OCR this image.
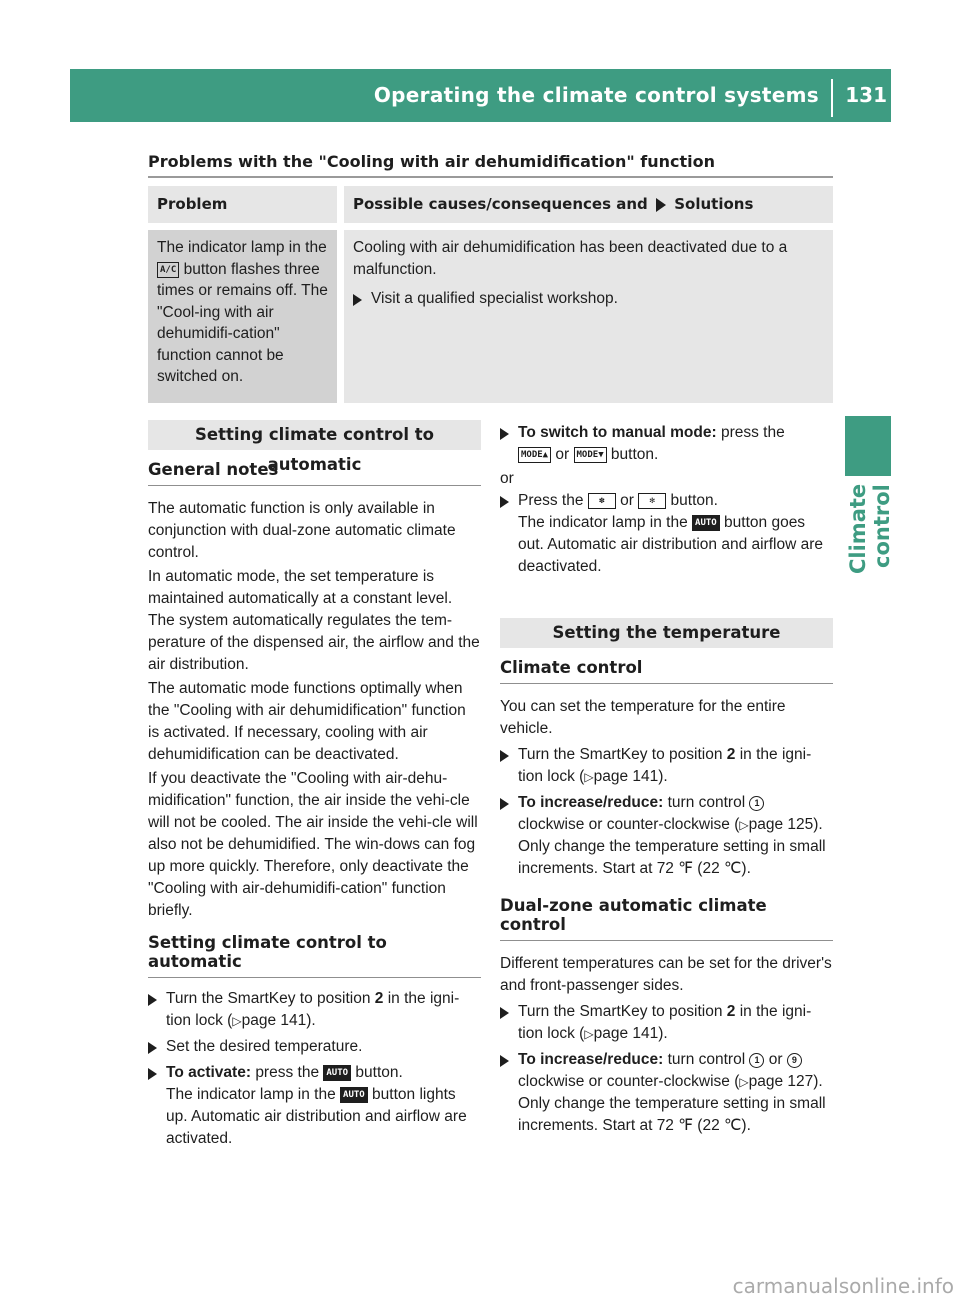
Operating the climate control systems 131
Climate control
Problems with the "Cooling with air dehumidification" function
Problem	Possible causes/consequences and Solutions
The indicator lamp in the A/C button flashes three times or remains off. The "Cool-ing with air dehumidifi-cation" function cannot be switched on.	Cooling with air dehumidification has been deactivated due to a malfunction.

Visit a qualified specialist workshop.
Setting climate control to automatic
General notes

The automatic function is only available in conjunction with dual-zone automatic climate control.

In automatic mode, the set temperature is maintained automatically at a constant level. The system automatically regulates the tem-perature of the dispensed air, the airflow and the air distribution.

The automatic mode functions optimally when the "Cooling with air dehumidification" function is activated. If necessary, cooling with air dehumidification can be deactivated.

If you deactivate the "Cooling with air-dehu-midification" function, the air inside the vehi-cle will not be cooled. The air inside the vehi-cle will also not be dehumidified. The win-dows can fog up more quickly. Therefore, only deactivate the "Cooling with air-dehumidifi-cation" function briefly.

Setting climate control to automatic
Turn the SmartKey to position 2 in the igni-tion lock (▷page 141).
Set the desired temperature.
To activate: press the AUTO button.
The indicator lamp in the AUTO button lights up. Automatic air distribution and airflow are activated.
To switch to manual mode: press the
MODE▲ or MODE▼ button.

or

Press the ✽ or ✻ button.
The indicator lamp in the AUTO button goes out. Automatic air distribution and airflow are deactivated.
Setting the temperature
Climate control

You can set the temperature for the entire vehicle.

Turn the SmartKey to position 2 in the igni-tion lock (▷page 141).
To increase/reduce: turn control 1
clockwise or counter-clockwise (▷page 125). Only change the temperature setting in small increments. Start at 72 ℉ (22 ℃).
Dual-zone automatic climate control

Different temperatures can be set for the driver's and front-passenger sides.

Turn the SmartKey to position 2 in the igni-tion lock (▷page 141).
To increase/reduce: turn control 1 or 9
clockwise or counter-clockwise (▷page 127). Only change the temperature setting in small increments. Start at 72 ℉ (22 ℃).
carmanualsonline.info
